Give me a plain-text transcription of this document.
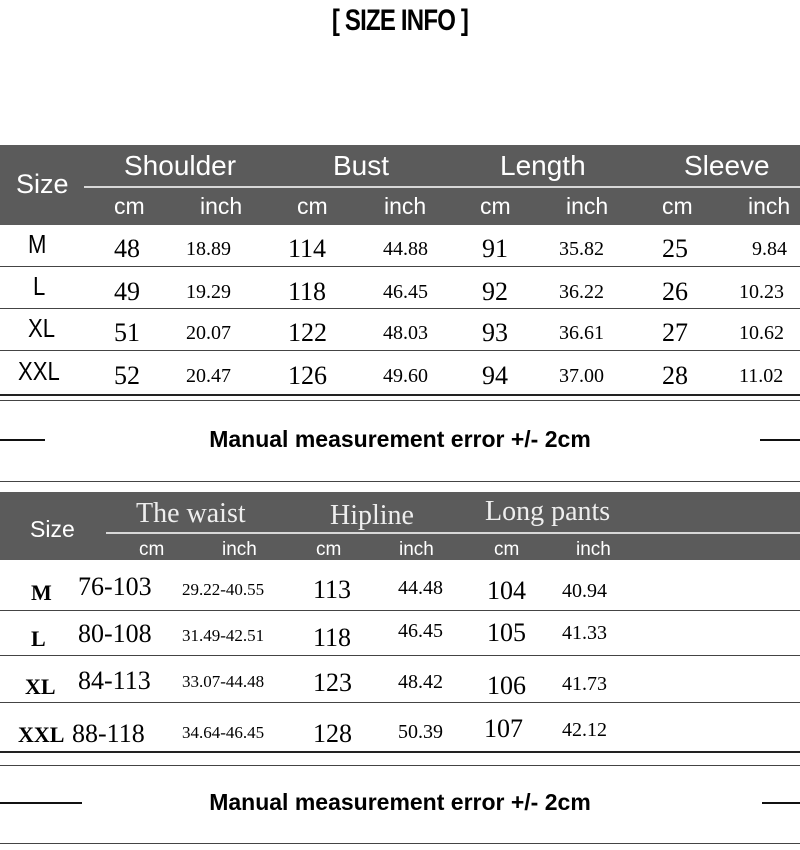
[ SIZE INFO ]
Size
Shoulder	Bust	Length	Sleeve
cm inch cm inch cm inch cm inch
M	48 18.89 114	44.88 91	35.82 25	9.84
L	49 19.29 118	46.45 92	36.22 26	10.23
XL 51 20.07 122	48.03 93	36.61 27	10.62
XXL 52 20.47 126	49.60 94	37.00 28	11.02
Manual measurement error +/- 2cm
Size The waist	Hipline	Long pants
cm	inch	cm	inch	cm	inch
M 76-103 29.22-40.55 113 44.48 104 40.94
L 80-108 31.49-42.51 118 46.45 105 41.33
XL 84-113 33.07-44.48 123 48.42 106 41.73
XXL 88-118 34.64-46.45 128 50.39 107 42.12
Manual measurement error +/- 2cm
